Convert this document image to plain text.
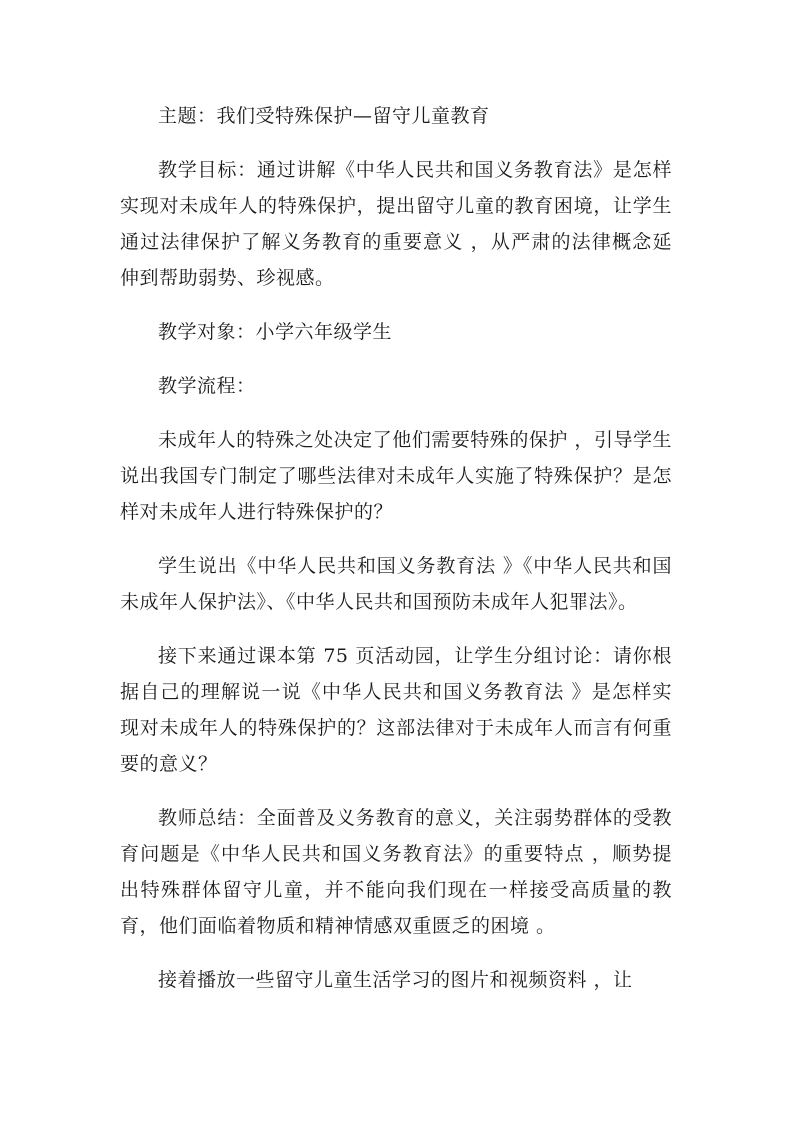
主题：我们受特殊保护—留守儿童教育

教学目标：通过讲解《中华人民共和国义务教育法》是怎样实现对未成年人的特殊保护，提出留守儿童的教育困境，让学生通过法律保护了解义务教育的重要意义 ，从严肃的法律概念延伸到帮助弱势、珍视感。

教学对象：小学六年级学生

教学流程：

未成年人的特殊之处决定了他们需要特殊的保护 ，引导学生说出我国专门制定了哪些法律对未成年人实施了特殊保护？是怎样对未成年人进行特殊保护的？

学生说出《中华人民共和国义务教育法 》《中华人民共和国未成年人保护法》、《中华人民共和国预防未成年人犯罪法》。

接下来通过课本第 75 页活动园，让学生分组讨论：请你根据自己的理解说一说《中华人民共和国义务教育法 》是怎样实现对未成年人的特殊保护的？这部法律对于未成年人而言有何重要的意义？

教师总结：全面普及义务教育的意义，关注弱势群体的受教育问题是《中华人民共和国义务教育法》的重要特点 ，顺势提出特殊群体留守儿童，并不能向我们现在一样接受高质量的教育，他们面临着物质和精神情感双重匮乏的困境 。

接着播放一些留守儿童生活学习的图片和视频资料 ，让
